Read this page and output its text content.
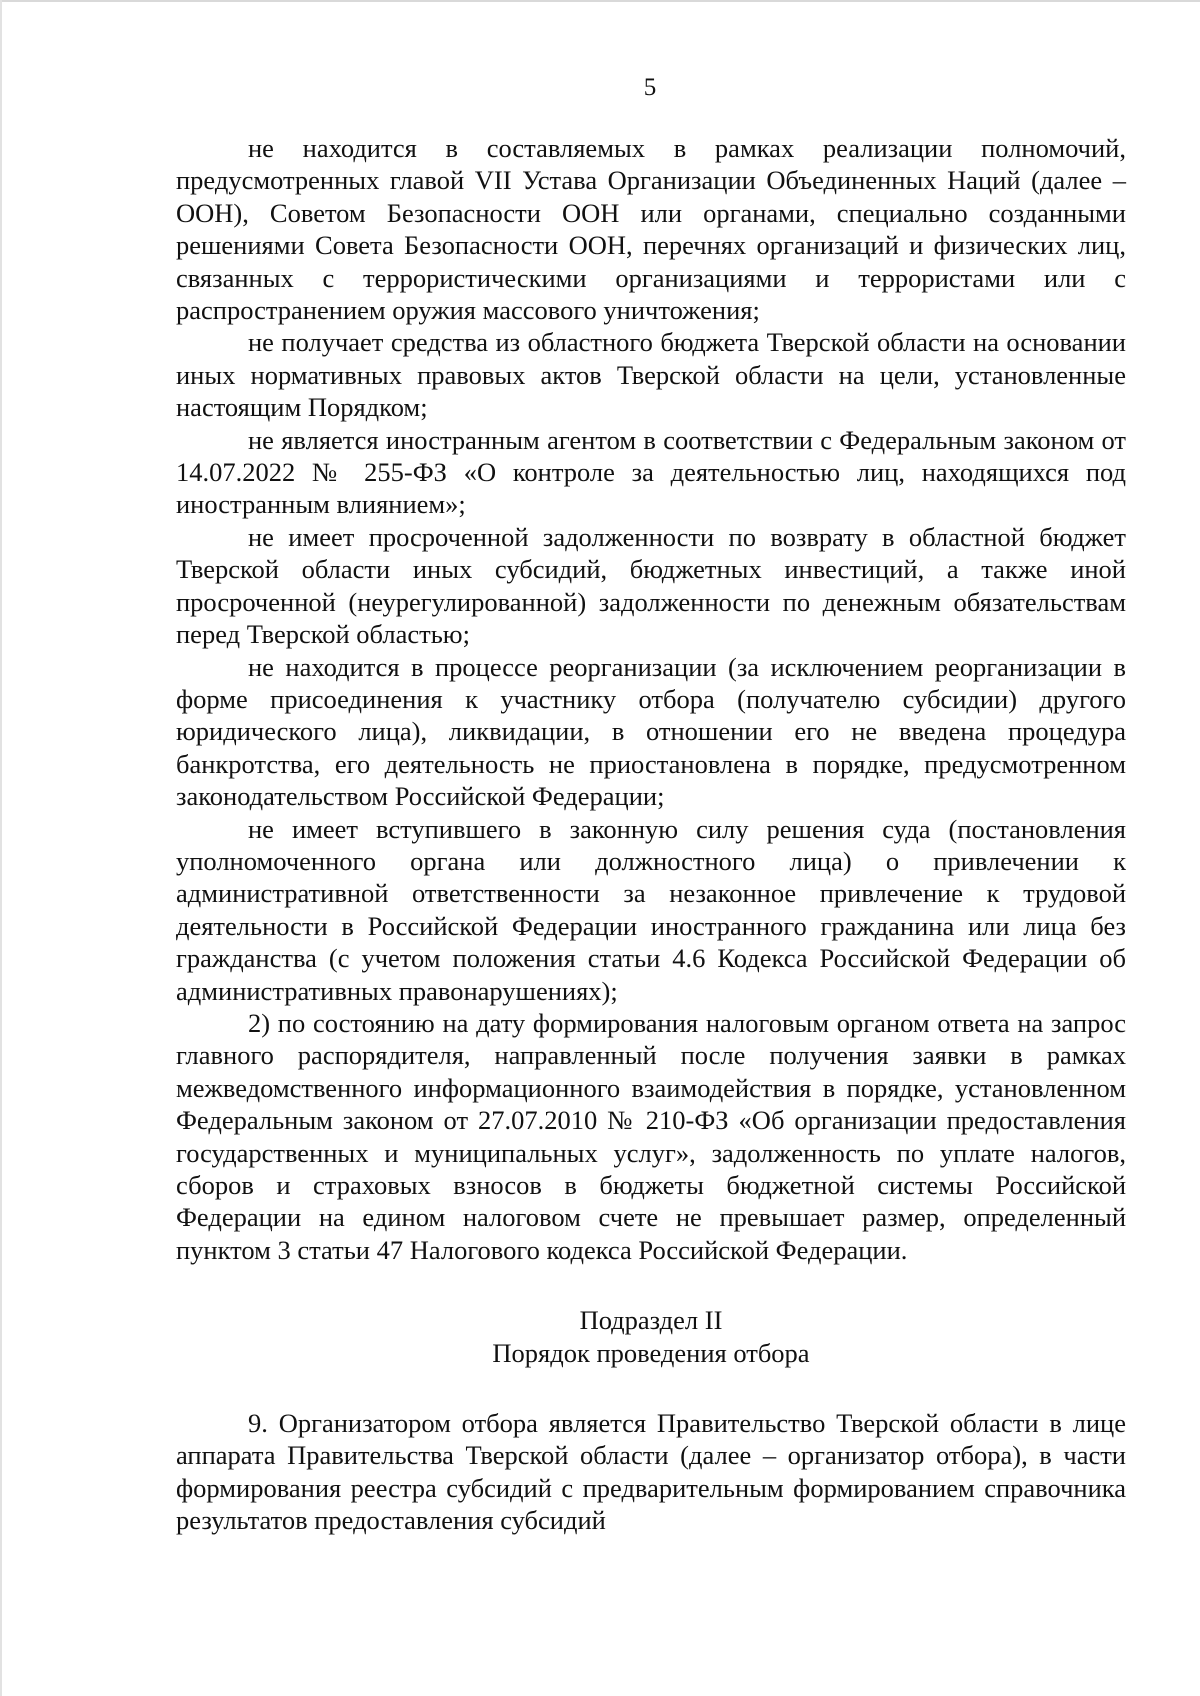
5

не находится в составляемых в рамках реализации полномочий, предусмотренных главой VII Устава Организации Объединенных Наций (далее – ООН), Советом Безопасности ООН или органами, специально созданными решениями Совета Безопасности ООН, перечнях организаций и физических лиц, связанных с террористическими организациями и террористами или с распространением оружия массового уничтожения;

не получает средства из областного бюджета Тверской области на основании иных нормативных правовых актов Тверской области на цели, установленные настоящим Порядком;

не является иностранным агентом в соответствии с Федеральным законом от 14.07.2022 № 255-ФЗ «О контроле за деятельностью лиц, находящихся под иностранным влиянием»;

не имеет просроченной задолженности по возврату в областной бюджет Тверской области иных субсидий, бюджетных инвестиций, а также иной просроченной (неурегулированной) задолженности по денежным обязательствам перед Тверской областью;

не находится в процессе реорганизации (за исключением реорганизации в форме присоединения к участнику отбора (получателю субсидии) другого юридического лица), ликвидации, в отношении его не введена процедура банкротства, его деятельность не приостановлена в порядке, предусмотренном законодательством Российской Федерации;

не имеет вступившего в законную силу решения суда (постановления уполномоченного органа или должностного лица) о привлечении к административной ответственности за незаконное привлечение к трудовой деятельности в Российской Федерации иностранного гражданина или лица без гражданства (с учетом положения статьи 4.6 Кодекса Российской Федерации об административных правонарушениях);

2) по состоянию на дату формирования налоговым органом ответа на запрос главного распорядителя, направленный после получения заявки в рамках межведомственного информационного взаимодействия в порядке, установленном Федеральным законом от 27.07.2010 № 210-ФЗ «Об организации предоставления государственных и муниципальных услуг», задолженность по уплате налогов, сборов и страховых взносов в бюджеты бюджетной системы Российской Федерации на едином налоговом счете не превышает размер, определенный пунктом 3 статьи 47 Налогового кодекса Российской Федерации.

Подраздел II

Порядок проведения отбора

9. Организатором отбора является Правительство Тверской области в лице аппарата Правительства Тверской области (далее – организатор отбора), в части формирования реестра субсидий с предварительным формированием справочника результатов предоставления субсидий
